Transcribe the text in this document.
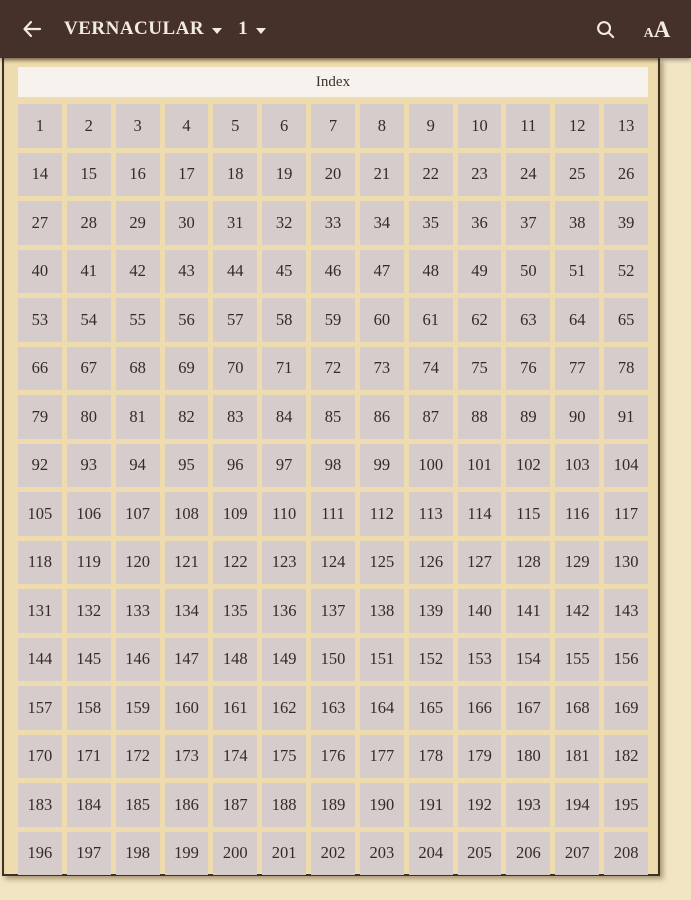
VERNACULAR 1	AA
Index
1	2	3	4	5	6	7	8	9	10	11	12	13
14	15	16	17	18	19	20	21	22	23	24	25	26
27	28	29	30	31	32	33	34	35	36	37	38	39
40	41	42	43	44	45	46	47	48	49	50	51	52
53	54	55	56	57	58	59	60	61	62	63	64	65
66	67	68	69	70	71	72	73	74	75	76	77	78
79	80	81	82	83	84	85	86	87	88	89	90	91
92	93	94	95	96	97	98	99	100	101	102	103	104
105	106	107	108	109	110	111	112	113	114	115	116	117
118	119	120	121	122	123	124	125	126	127	128	129	130
131	132	133	134	135	136	137	138	139	140	141	142	143
144	145	146	147	148	149	150	151	152	153	154	155	156
157	158	159	160	161	162	163	164	165	166	167	168	169
170	171	172	173	174	175	176	177	178	179	180	181	182
183	184	185	186	187	188	189	190	191	192	193	194	195
196	197	198	199	200	201	202	203	204	205	206	207	208
